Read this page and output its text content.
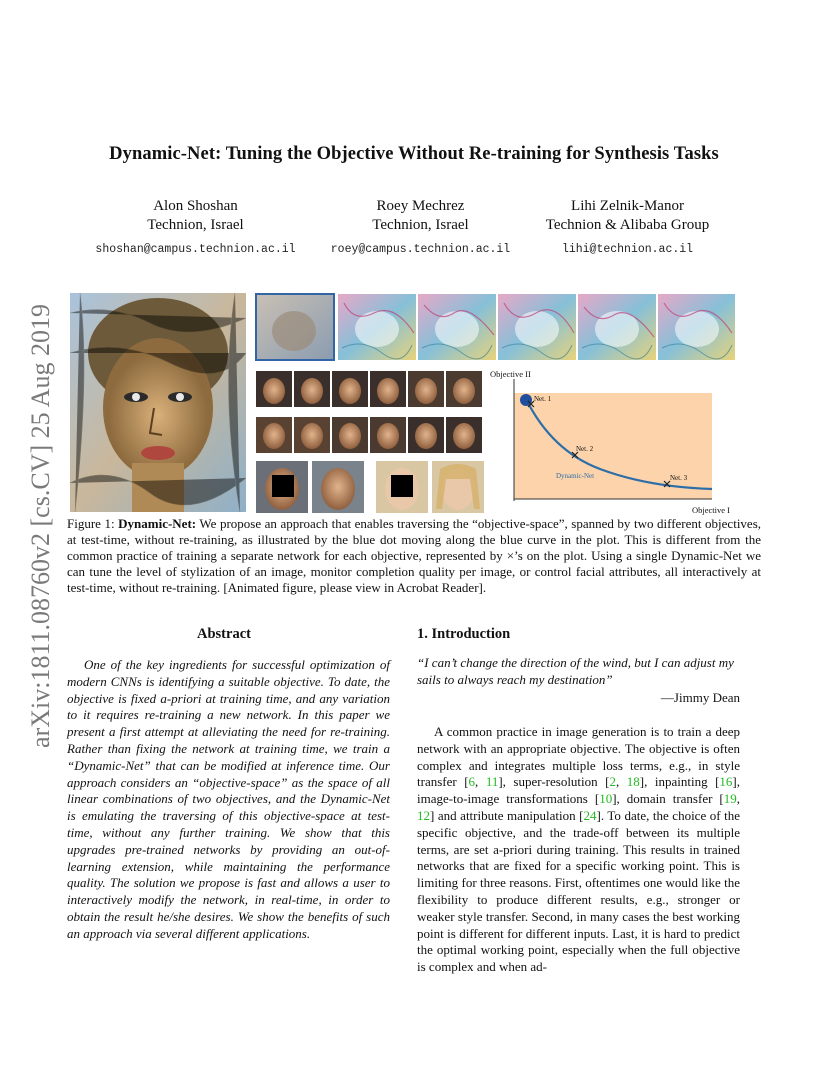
Dynamic-Net: Tuning the Objective Without Re-training for Synthesis Tasks
Alon Shoshan
Technion, Israel
shoshan@campus.technion.ac.il
Roey Mechrez
Technion, Israel
roey@campus.technion.ac.il
Lihi Zelnik-Manor
Technion & Alibaba Group
lihi@technion.ac.il
arXiv:1811.08760v2 [cs.CV] 25 Aug 2019	Objective II
Objective I
Net. 1
Net. 2
Net. 3
Dynamic-Net
Figure 1: Dynamic-Net: We propose an approach that enables traversing the “objective-space”, spanned by two different objectives, at test-time, without re-training, as illustrated by the blue dot moving along the blue curve in the plot. This is different from the common practice of training a separate network for each objective, represented by ×’s on the plot. Using a single Dynamic-Net we can tune the level of stylization of an image, monitor completion quality per image, or control facial attributes, all interactively at test-time, without re-training. [Animated figure, please view in Acrobat Reader].
Abstract
One of the key ingredients for successful optimization of modern CNNs is identifying a suitable objective. To date, the objective is fixed a-priori at training time, and any variation to it requires re-training a new network. In this paper we present a first attempt at alleviating the need for re-training. Rather than fixing the network at training time, we train a “Dynamic-Net” that can be modified at inference time. Our approach considers an “objective-space” as the space of all linear combinations of two objectives, and the Dynamic-Net is emulating the traversing of this objective-space at test-time, without any further training. We show that this upgrades pre-trained networks by providing an out-of-learning extension, while maintaining the performance quality. The solution we propose is fast and allows a user to interactively modify the network, in real-time, in order to obtain the result he/she desires. We show the benefits of such an approach via several different applications.
1. Introduction
“I can’t change the direction of the wind, but I can adjust my sails to always reach my destination”
—Jimmy Dean
A common practice in image generation is to train a deep network with an appropriate objective. The objective is often complex and integrates multiple loss terms, e.g., in style transfer [6, 11], super-resolution [2, 18], inpainting [16], image-to-image transformations [10], domain transfer [19, 12] and attribute manipulation [24]. To date, the choice of the specific objective, and the trade-off between its multiple terms, are set a-priori during training. This results in trained networks that are fixed for a specific working point. This is limiting for three reasons. First, oftentimes one would like the flexibility to produce different results, e.g., stronger or weaker style transfer. Second, in many cases the best working point is different for different inputs. Last, it is hard to predict the optimal working point, especially when the full objective is complex and when ad-
